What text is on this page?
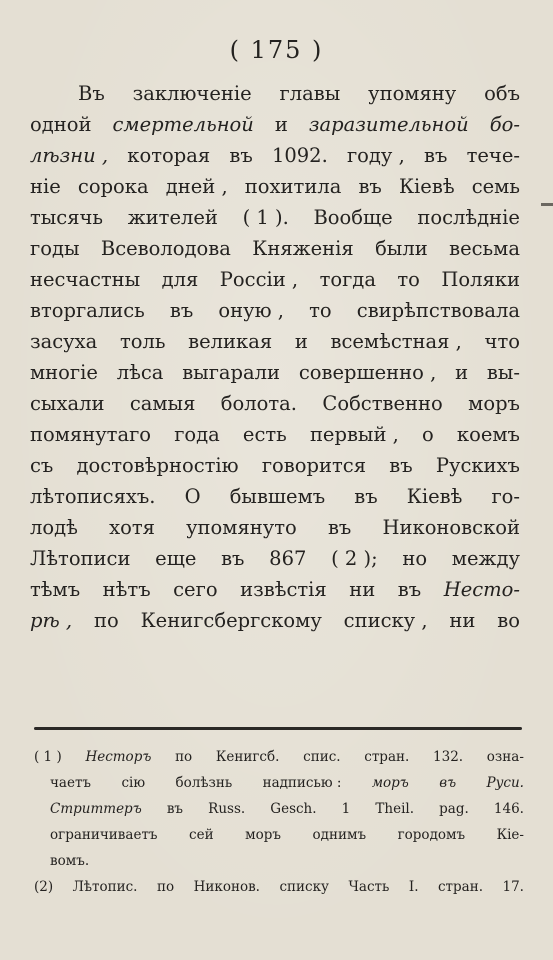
( 175 )
Въ заключеніе главы упомяну объ
одной смертельной и заразительной бо-
лѣзни , которая въ 1092. году , въ тече-
ніе сорока дней , похитила въ Кіевѣ семь
тысячь жителей ( 1 ). Вообще послѣдніе
годы Всеволодова Княженія были весьма
несчастны для Россіи , тогда то Поляки
вторгались въ оную , то свирѣпствовала
засуха толь великая и всемѣстная , что
многіе лѣса выгарали совершенно , и вы-
сыхали самыя болота. Собственно моръ
помянутаго года есть первый , о коемъ
съ достовѣрностію говорится въ Рускихъ
лѣтописяхъ. О бывшемъ въ Кіевѣ го-
лодѣ хотя упомянуто въ Никоновской
Лѣтописи еще въ 867 ( 2 ); но между
тѣмъ нѣтъ сего извѣстія ни въ Несто-
рѣ , по Кенигсбергскому списку , ни во
( 1 ) Несторъ по Кенигсб. спис. стран. 132. озна-
чаетъ сію болѣзнь надписью : моръ въ Руси.
Стриттеръ въ Russ. Gesch. 1 Theil. pag. 146.
ограничиваетъ сей моръ однимъ городомъ Кіе-
вомъ.
(2) Лѣтопис. по Никонов. списку Часть I. стран. 17.
